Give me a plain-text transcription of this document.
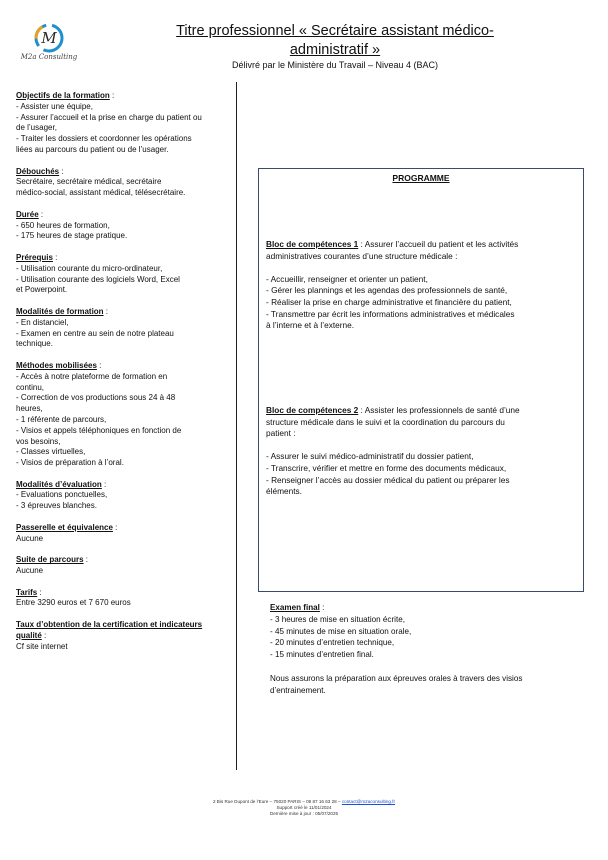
M
M2a Consulting
Titre professionnel « Secrétaire assistant médico-
administratif »
Délivré par le Ministère du Travail – Niveau 4 (BAC)
Objectifs de la formation :
- Assister une équipe,
- Assurer l’accueil et la prise en charge du patient ou
de l’usager,
- Traiter les dossiers et coordonner les opérations
liées au parcours du patient ou de l’usager.
Débouchés :
Secrétaire, secrétaire médical, secrétaire
médico-social, assistant médical, télésecrétaire.
Durée :
- 650 heures de formation,
- 175 heures de stage pratique.
Prérequis :
- Utilisation courante du micro-ordinateur,
- Utilisation courante des logiciels Word, Excel
et Powerpoint.
Modalités de formation :
- En distanciel,
- Examen en centre au sein de notre plateau
technique.
Méthodes mobilisées :
- Accès à notre plateforme de formation en
continu,
- Correction de vos productions sous 24 à 48
heures,
- 1 référente de parcours,
- Visios et appels téléphoniques en fonction de
vos besoins,
- Classes virtuelles,
- Visios de préparation à l’oral.
Modalités d’évaluation :
- Evaluations ponctuelles,
- 3 épreuves blanches.
Passerelle et équivalence :
Aucune
Suite de parcours :
Aucune
Tarifs :
Entre 3290 euros et 7 670 euros
Taux d’obtention de la certification et indicateurs
qualité :
Cf site internet
PROGRAMME
Bloc de compétences 1 : Assurer l’accueil du patient et les activités
administratives courantes d’une structure médicale :
- Accueillir, renseigner et orienter un patient,
- Gérer les plannings et les agendas des professionnels de santé,
- Réaliser la prise en charge administrative et financière du patient,
- Transmettre par écrit les informations administratives et médicales
à l’interne et à l’externe.
Bloc de compétences 2 : Assister les professionnels de santé d’une
structure médicale dans le suivi et la coordination du parcours du
patient :
- Assurer le suivi médico-administratif du dossier patient,
- Transcrire, vérifier et mettre en forme des documents médicaux,
- Renseigner l’accès au dossier médical du patient ou préparer les
éléments.
Examen final :
- 3 heures de mise en situation écrite,
- 45 minutes de mise en situation orale,
- 20 minutes d’entretien technique,
- 15 minutes d’entretien final.
Nous assurons la préparation aux épreuves orales à travers des visios
d’entrainement.
2 Bis Rue Dupont de l’Eure – 75020 PARIS – 09 87 16 63 28 – contact@m2aconsulting.fr
Support créé le 11/01/2024
Dernière mise à jour : 05/07/2025
